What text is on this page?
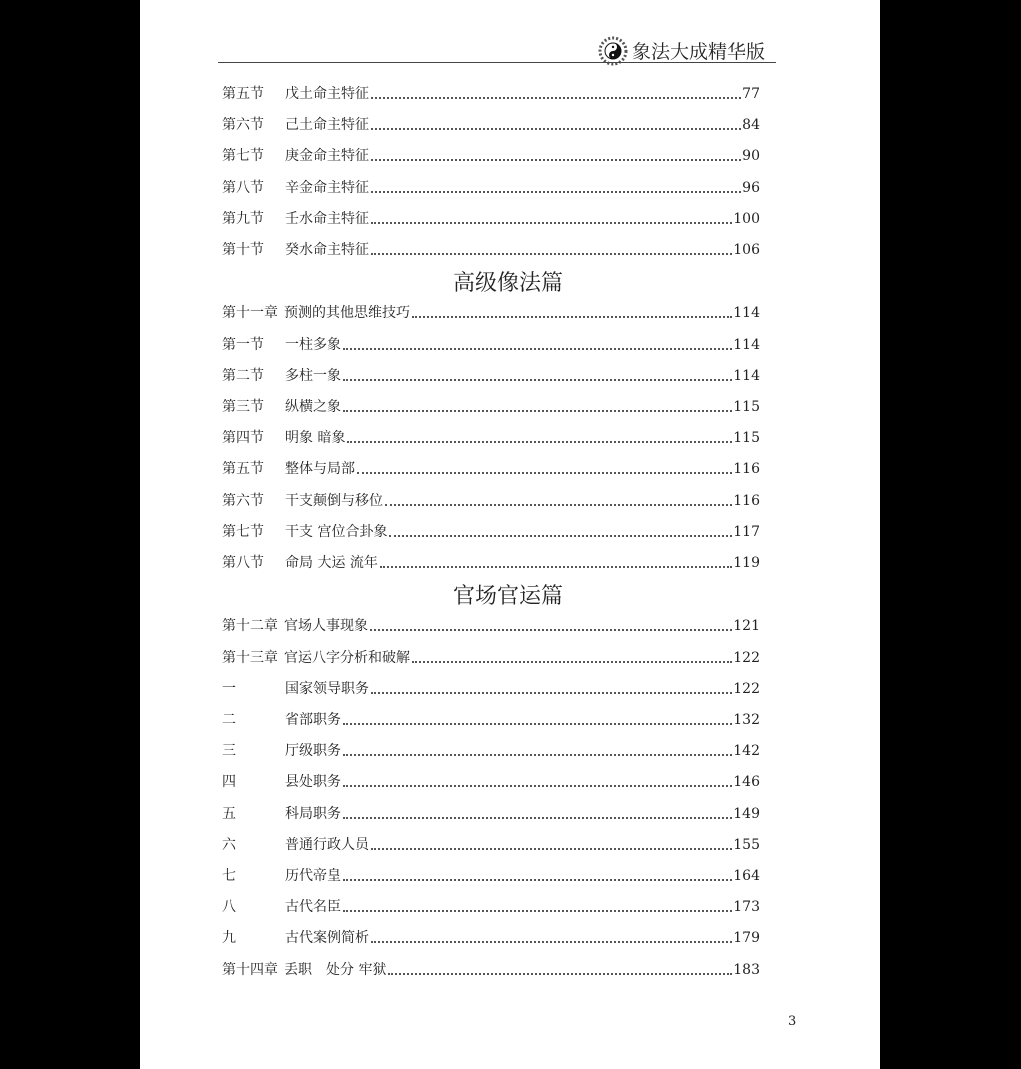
象法大成精华版
第五节	戊土命主特征	77
第六节	己土命主特征	84
第七节	庚金命主特征	90
第八节	辛金命主特征	96
第九节	壬水命主特征	100
第十节	癸水命主特征	106
高级像法篇
第十一章 预测的其他思维技巧	114
第一节	一柱多象	114
第二节	多柱一象	114
第三节	纵横之象	115
第四节	明象 暗象	115
第五节	整体与局部	116
第六节	干支颠倒与移位	116
第七节	干支 宫位合卦象	117
第八节	命局 大运 流年	119
官场官运篇
第十二章 官场人事现象	121
第十三章 官运八字分析和破解	122
一	国家领导职务	122
二	省部职务	132
三	厅级职务	142
四	县处职务	146
五	科局职务	149
六	普通行政人员	155
七	历代帝皇	164
八	古代名臣	173
九	古代案例简析	179
第十四章 丢职　处分 牢狱	183
3
